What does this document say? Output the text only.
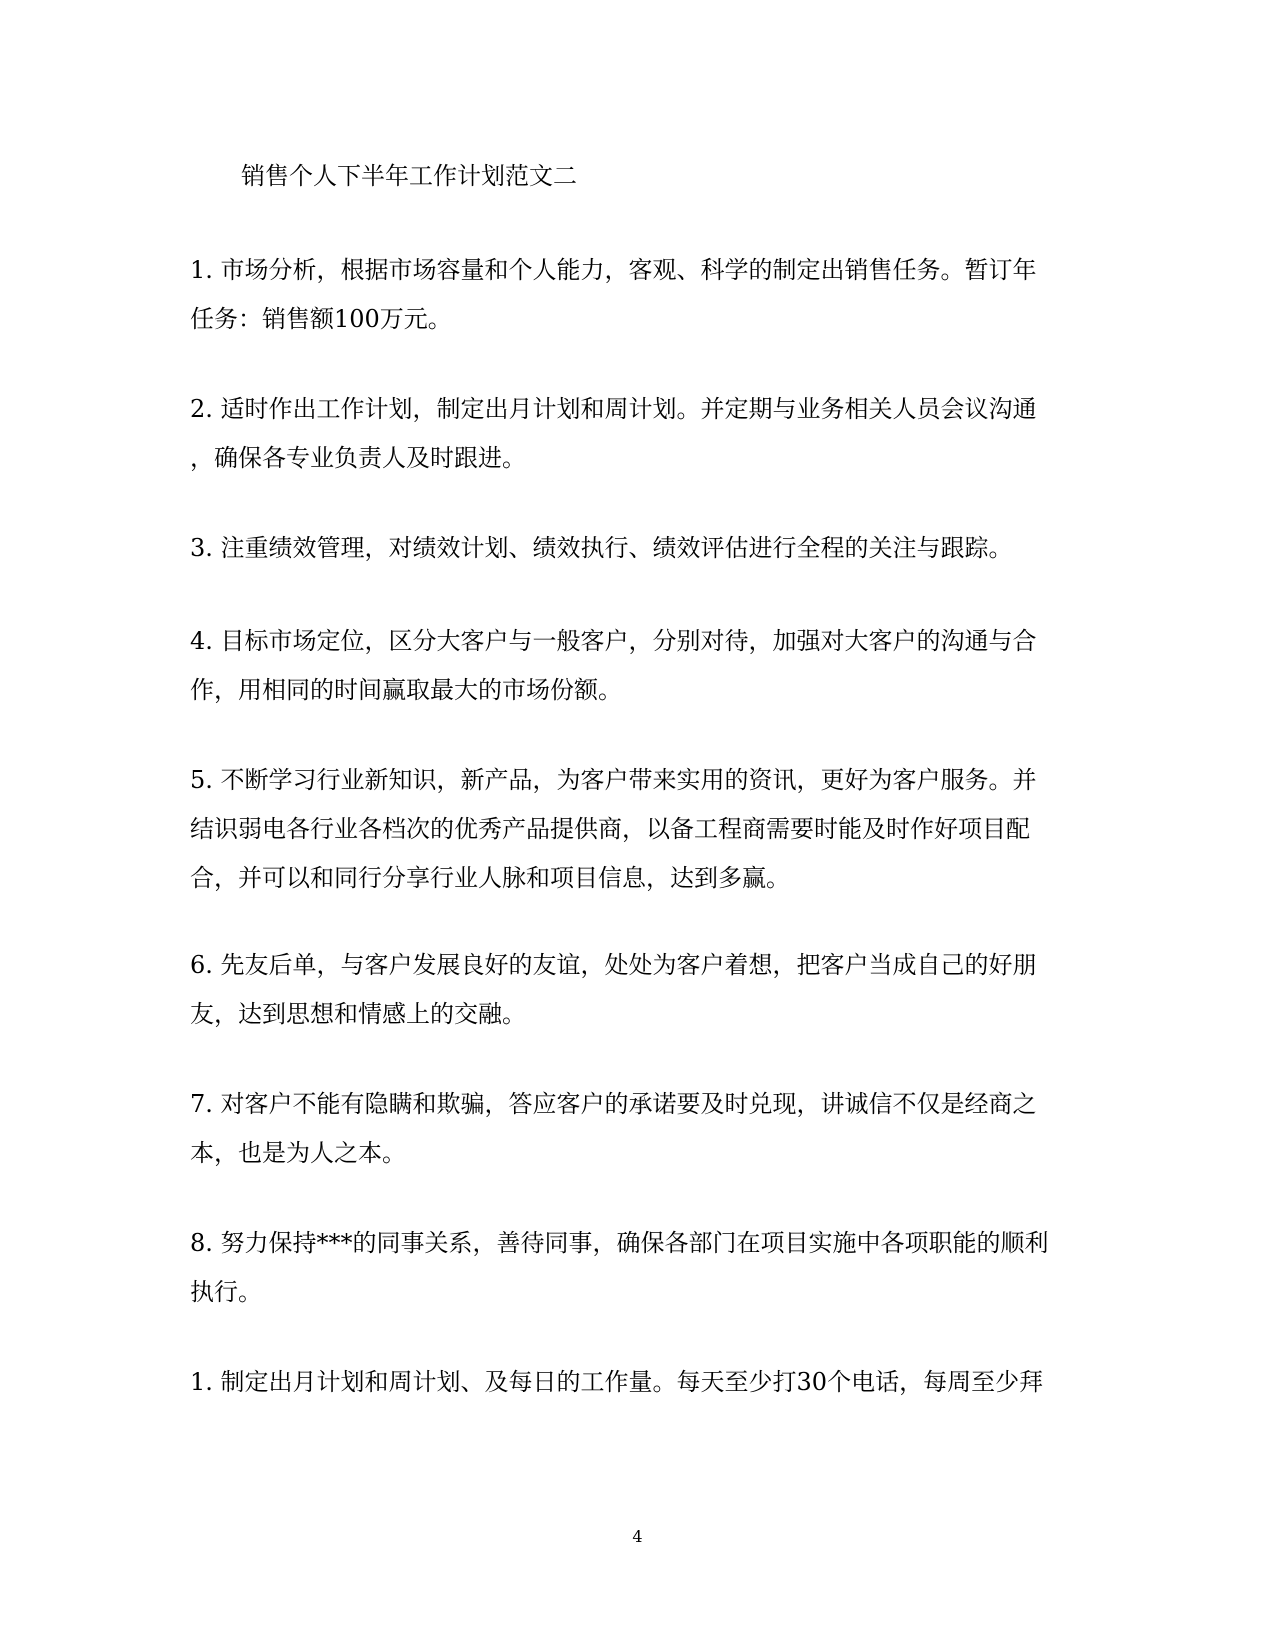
销售个人下半年工作计划范文二

1. 市场分析，根据市场容量和个人能力，客观、科学的制定出销售任务。暂订年
任务：销售额100万元。

2. 适时作出工作计划，制定出月计划和周计划。并定期与业务相关人员会议沟通
，确保各专业负责人及时跟进。

3. 注重绩效管理，对绩效计划、绩效执行、绩效评估进行全程的关注与跟踪。

4. 目标市场定位，区分大客户与一般客户，分别对待，加强对大客户的沟通与合
作，用相同的时间赢取最大的市场份额。

5. 不断学习行业新知识，新产品，为客户带来实用的资讯，更好为客户服务。并
结识弱电各行业各档次的优秀产品提供商，以备工程商需要时能及时作好项目配
合，并可以和同行分享行业人脉和项目信息，达到多赢。

6. 先友后单，与客户发展良好的友谊，处处为客户着想，把客户当成自己的好朋
友，达到思想和情感上的交融。

7. 对客户不能有隐瞒和欺骗，答应客户的承诺要及时兑现，讲诚信不仅是经商之
本，也是为人之本。

8. 努力保持***的同事关系，善待同事，确保各部门在项目实施中各项职能的顺利
执行。

1. 制定出月计划和周计划、及每日的工作量。每天至少打30个电话，每周至少拜

4
